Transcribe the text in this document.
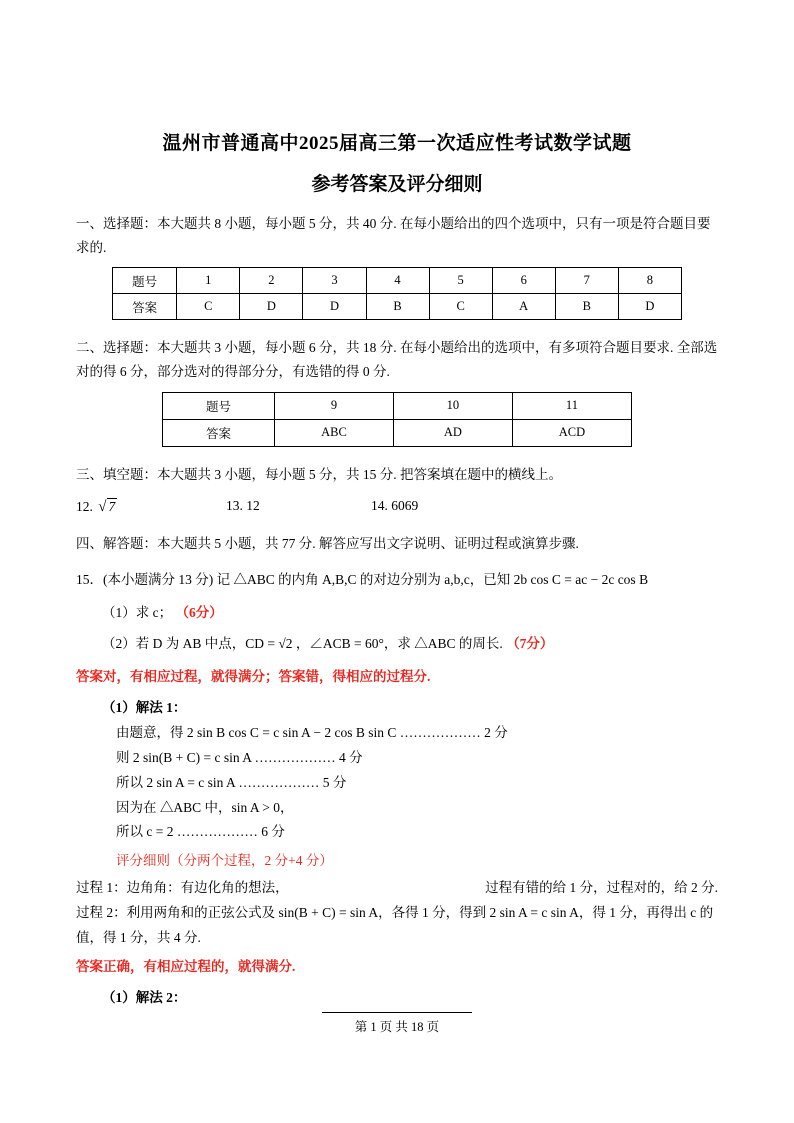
温州市普通高中2025届高三第一次适应性考试数学试题
参考答案及评分细则
一、选择题：本大题共 8 小题，每小题 5 分，共 40 分. 在每小题给出的四个选项中，只有一项是符合题目要求的.
题号	1	2	3	4	5	6	7	8
答案	C	D	D	B	C	A	B	D
二、选择题：本大题共 3 小题，每小题 6 分，共 18 分. 在每小题给出的选项中，有多项符合题目要求. 全部选对的得 6 分，部分选对的得部分分，有选错的得 0 分.
题号	9	10	11
答案	ABC	AD	ACD
三、填空题：本大题共 3 小题，每小题 5 分，共 15 分. 把答案填在题中的横线上。
12. √ 7	13. 12	14. 6069
四、解答题：本大题共 5 小题，共 77 分. 解答应写出文字说明、证明过程或演算步骤.
15．(本小题满分 13 分) 记 △ABC 的内角 A,B,C 的对边分别为 a,b,c，已知 2b cos C = ac − 2c cos B
（1）求 c； （6分）
（2）若 D 为 AB 中点，CD = √2 ，∠ACB = 60°，求 △ABC 的周长. （7分）
答案对，有相应过程，就得满分；答案错，得相应的过程分.
（1）解法 1：
由题意，得 2 sin B cos C = c sin A − 2 cos B sin C ……………… 2 分
则 2 sin(B + C) = c sin A ……………… 4 分
所以 2 sin A = c sin A ……………… 5 分
因为在 △ABC 中，sin A > 0，
所以 c = 2 ……………… 6 分
评分细则（分两个过程，2 分+4 分）
过程 1：边角角：有边化角的想法，	过程有错的给 1 分，过程对的，给 2 分.
过程 2：利用两角和的正弦公式及 sin(B + C) = sin A，各得 1 分，得到 2 sin A = c sin A，得 1 分，再得出 c 的值，得 1 分，共 4 分.
答案正确，有相应过程的，就得满分.
（1）解法 2：
第 1 页 共 18 页
